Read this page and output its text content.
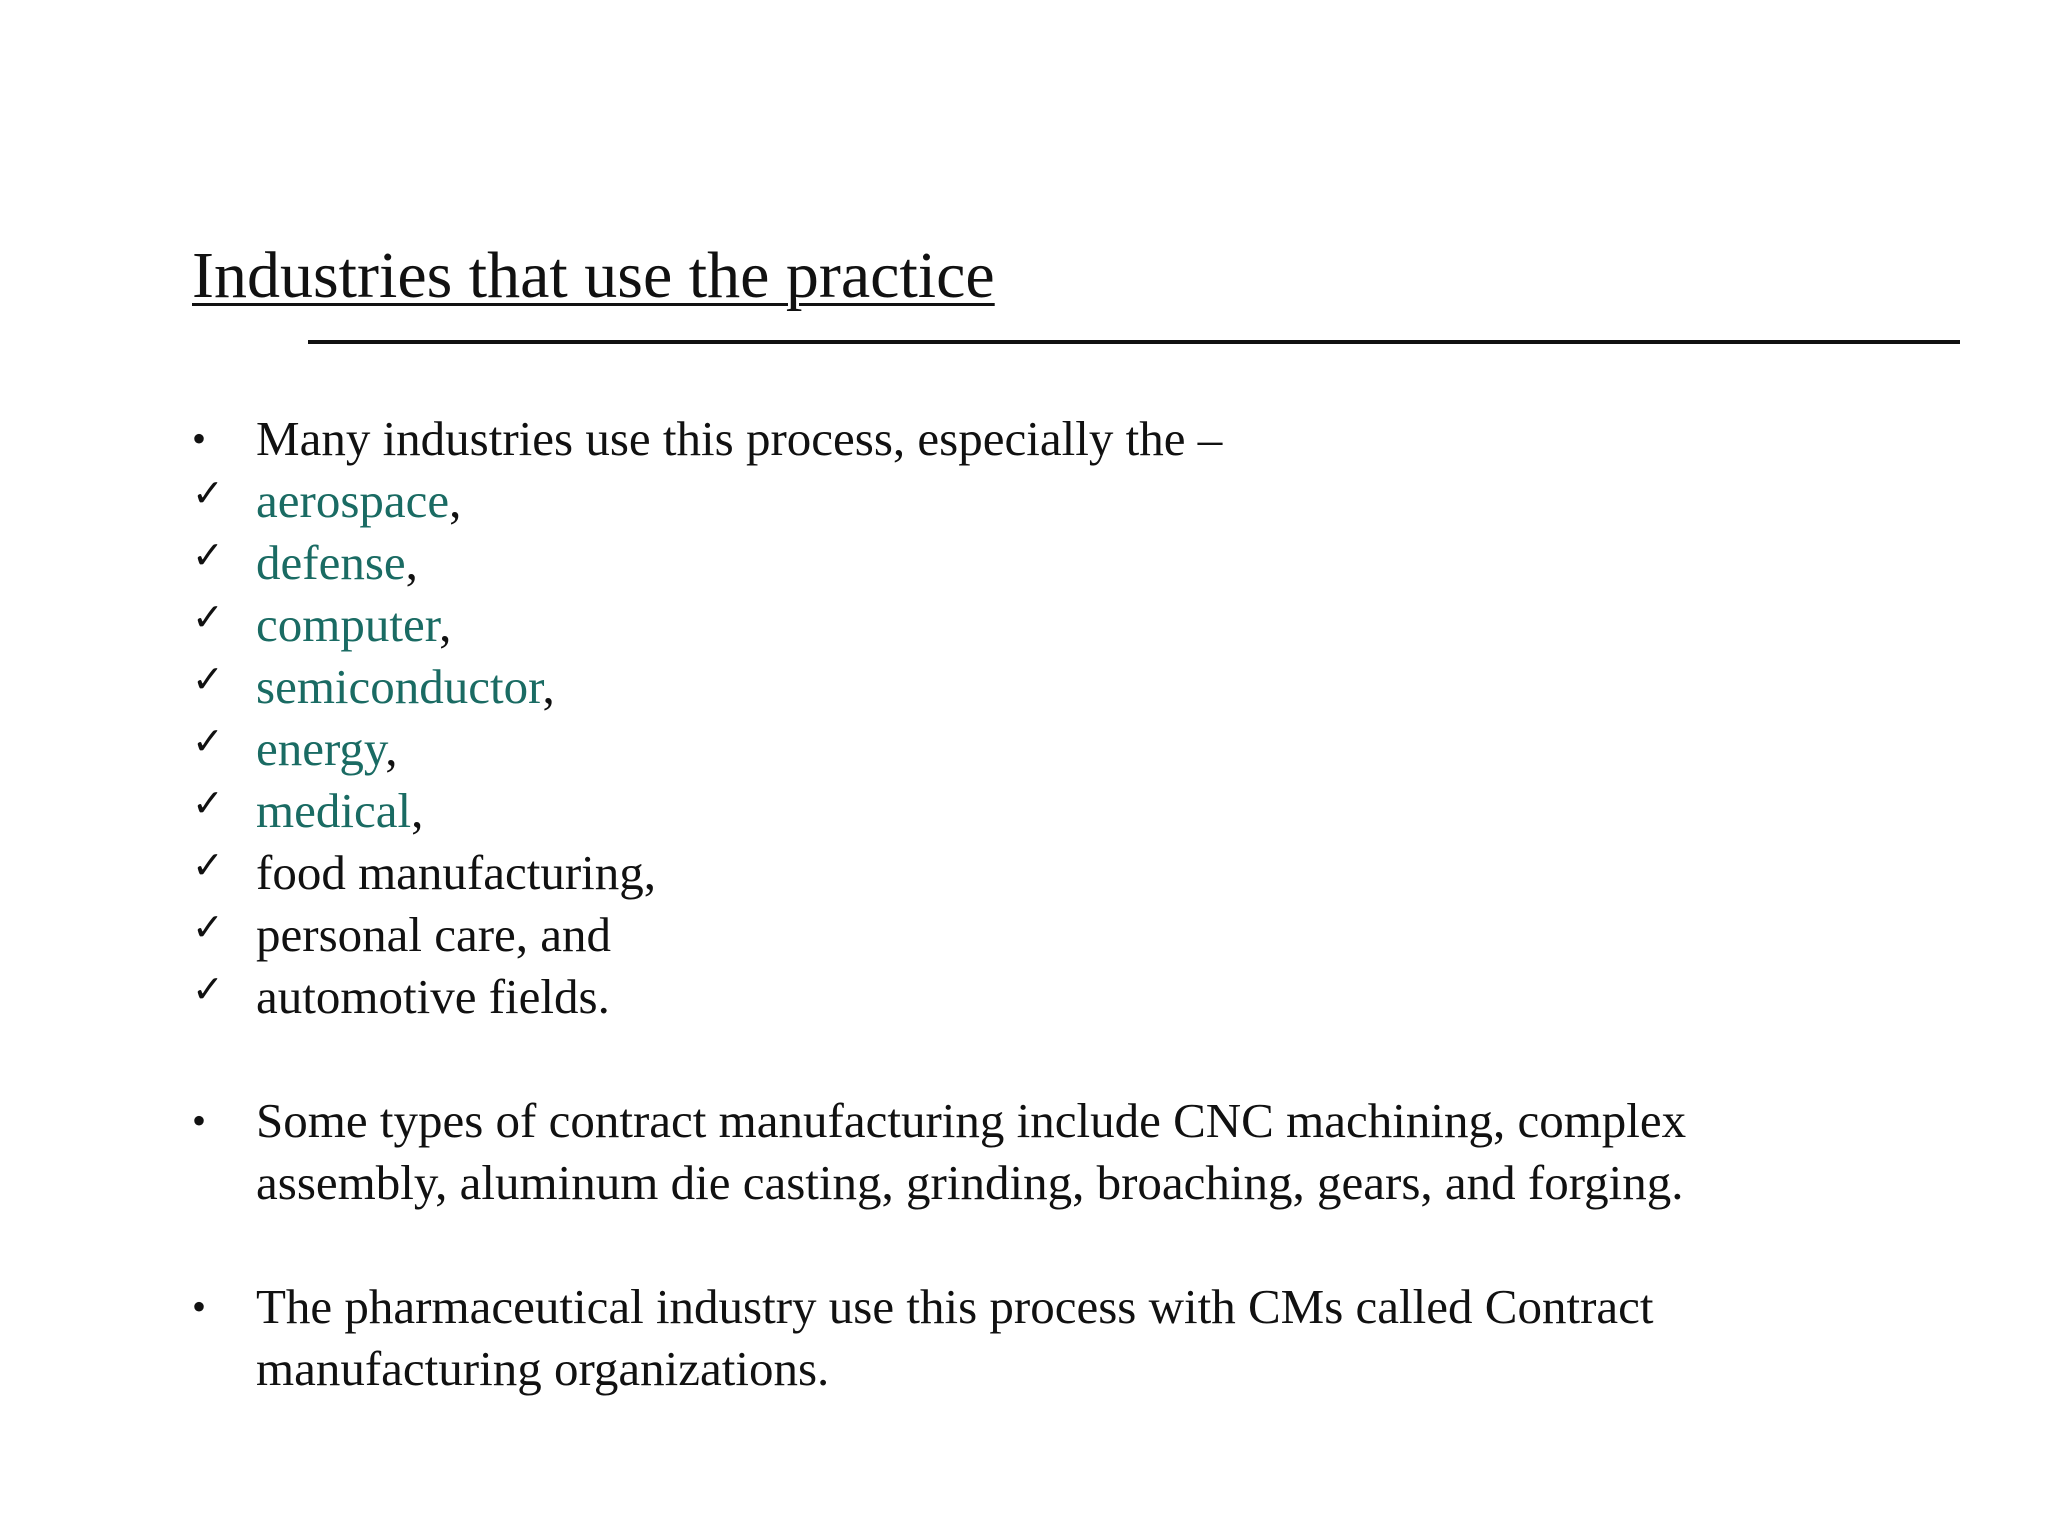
Industries that use the practice
•	Many industries use this process, especially the –
✓ aerospace,
✓ defense,
✓ computer,
✓ semiconductor,
✓ energy,
✓ medical,
✓ food manufacturing,
✓ personal care, and
✓ automotive fields.
•	Some types of contract manufacturing include CNC machining, complex
assembly, aluminum die casting, grinding, broaching, gears, and forging.
•	The pharmaceutical industry use this process with CMs called Contract
manufacturing organizations.
